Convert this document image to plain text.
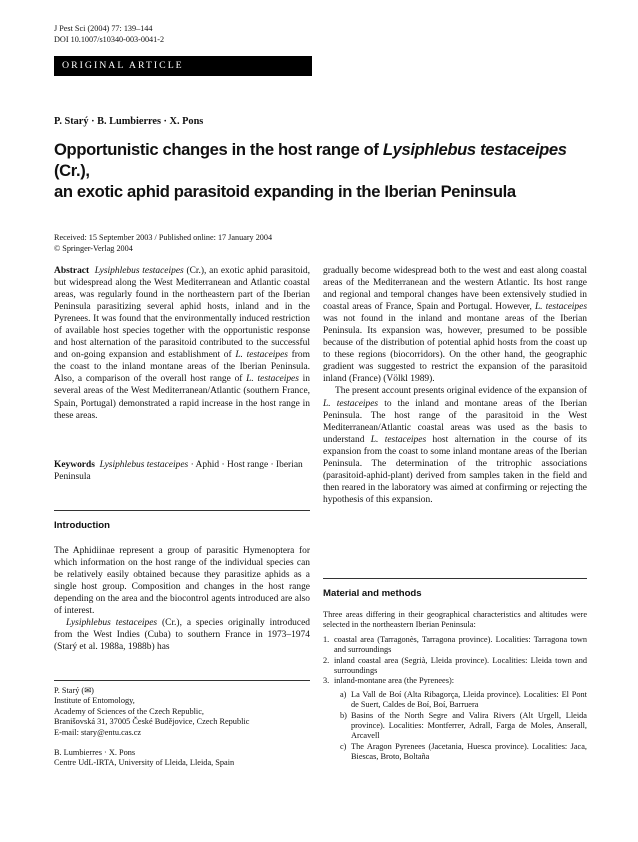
J Pest Sci (2004) 77: 139–144
DOI 10.1007/s10340-003-0041-2
ORIGINAL ARTICLE
P. Starý · B. Lumbierres · X. Pons
Opportunistic changes in the host range of Lysiphlebus testaceipes (Cr.),
an exotic aphid parasitoid expanding in the Iberian Peninsula
Received: 15 September 2003 / Published online: 17 January 2004
© Springer-Verlag 2004

Abstract Lysiphlebus testaceipes (Cr.), an exotic aphid parasitoid, but widespread along the West Mediterranean and Atlantic coastal areas, was regularly found in the northeastern part of the Iberian Peninsula parasitizing several aphid hosts, inland and in the Pyrenees. It was found that the environmentally induced restriction of available host species together with the opportunistic response and host alternation of the parasitoid contributed to the successful and on-going expansion and establishment of L. testaceipes from the coast to the inland montane areas of the Iberian Peninsula. Also, a comparison of the overall host range of L. testaceipes in several areas of the West Mediterranean/Atlantic (southern France, Spain, Portugal) demonstrated a rapid increase in the host range in these areas.

Keywords Lysiphlebus testaceipes · Aphid · Host range · Iberian Peninsula

Introduction

The Aphidiinae represent a group of parasitic Hymenoptera for which information on the host range of the individual species can be relatively easily obtained because they parasitize aphids as a single host group. Composition and changes in the host range depending on the area and the biocontrol agents introduced are also of interest.

Lysiphlebus testaceipes (Cr.), a species originally introduced from the West Indies (Cuba) to southern France in 1973–1974 (Starý et al. 1988a, 1988b) has

P. Starý (✉)
Institute of Entomology,
Academy of Sciences of the Czech Republic,
Branišovská 31, 37005 České Budějovice, Czech Republic
E-mail: stary@entu.cas.cz
B. Lumbierres · X. Pons
Centre UdL-IRTA, University of Lleida, Lleida, Spain

gradually become widespread both to the west and east along coastal areas of the Mediterranean and the western Atlantic. Its host range and regional and temporal changes have been extensively studied in coastal areas of France, Spain and Portugal. However, L. testaceipes was not found in the inland and montane areas of the Iberian Peninsula. Its expansion was, however, presumed to be possible because of the distribution of potential aphid hosts from the coast up to these regions (biocorridors). On the other hand, the geographic gradient was suggested to restrict the expansion of the parasitoid inland (France) (Völkl 1989).

The present account presents original evidence of the expansion of L. testaceipes to the inland and montane areas of the Iberian Peninsula. The host range of the parasitoid in the West Mediterranean/Atlantic coastal areas was used as the basis to understand L. testaceipes host alternation in the course of its expansion from the coast to some inland montane areas of the Iberian Peninsula. The determination of the tritrophic associations (parasitoid-aphid-plant) derived from samples taken in the field and then reared in the laboratory was aimed at confirming or rejecting the hypothesis of this expansion.

Material and methods
Three areas differing in their geographical characteristics and altitudes were selected in the northeastern Iberian Peninsula:
1. coastal area (Tarragonès, Tarragona province). Localities: Tarragona town and surroundings
2. inland coastal area (Segrià, Lleida province). Localities: Lleida town and surroundings
3. inland-montane area (the Pyrenees):
a) La Vall de Boí (Alta Ribagorça, Lleida province). Localities: El Pont de Suert, Caldes de Boí, Boí, Barruera
b) Basins of the North Segre and Valira Rivers (Alt Urgell, Lleida province). Localities: Montferrer, Adrall, Farga de Moles, Anserall, Arcavell
c) The Aragon Pyrenees (Jacetania, Huesca province). Localities: Jaca, Biescas, Broto, Boltaña
